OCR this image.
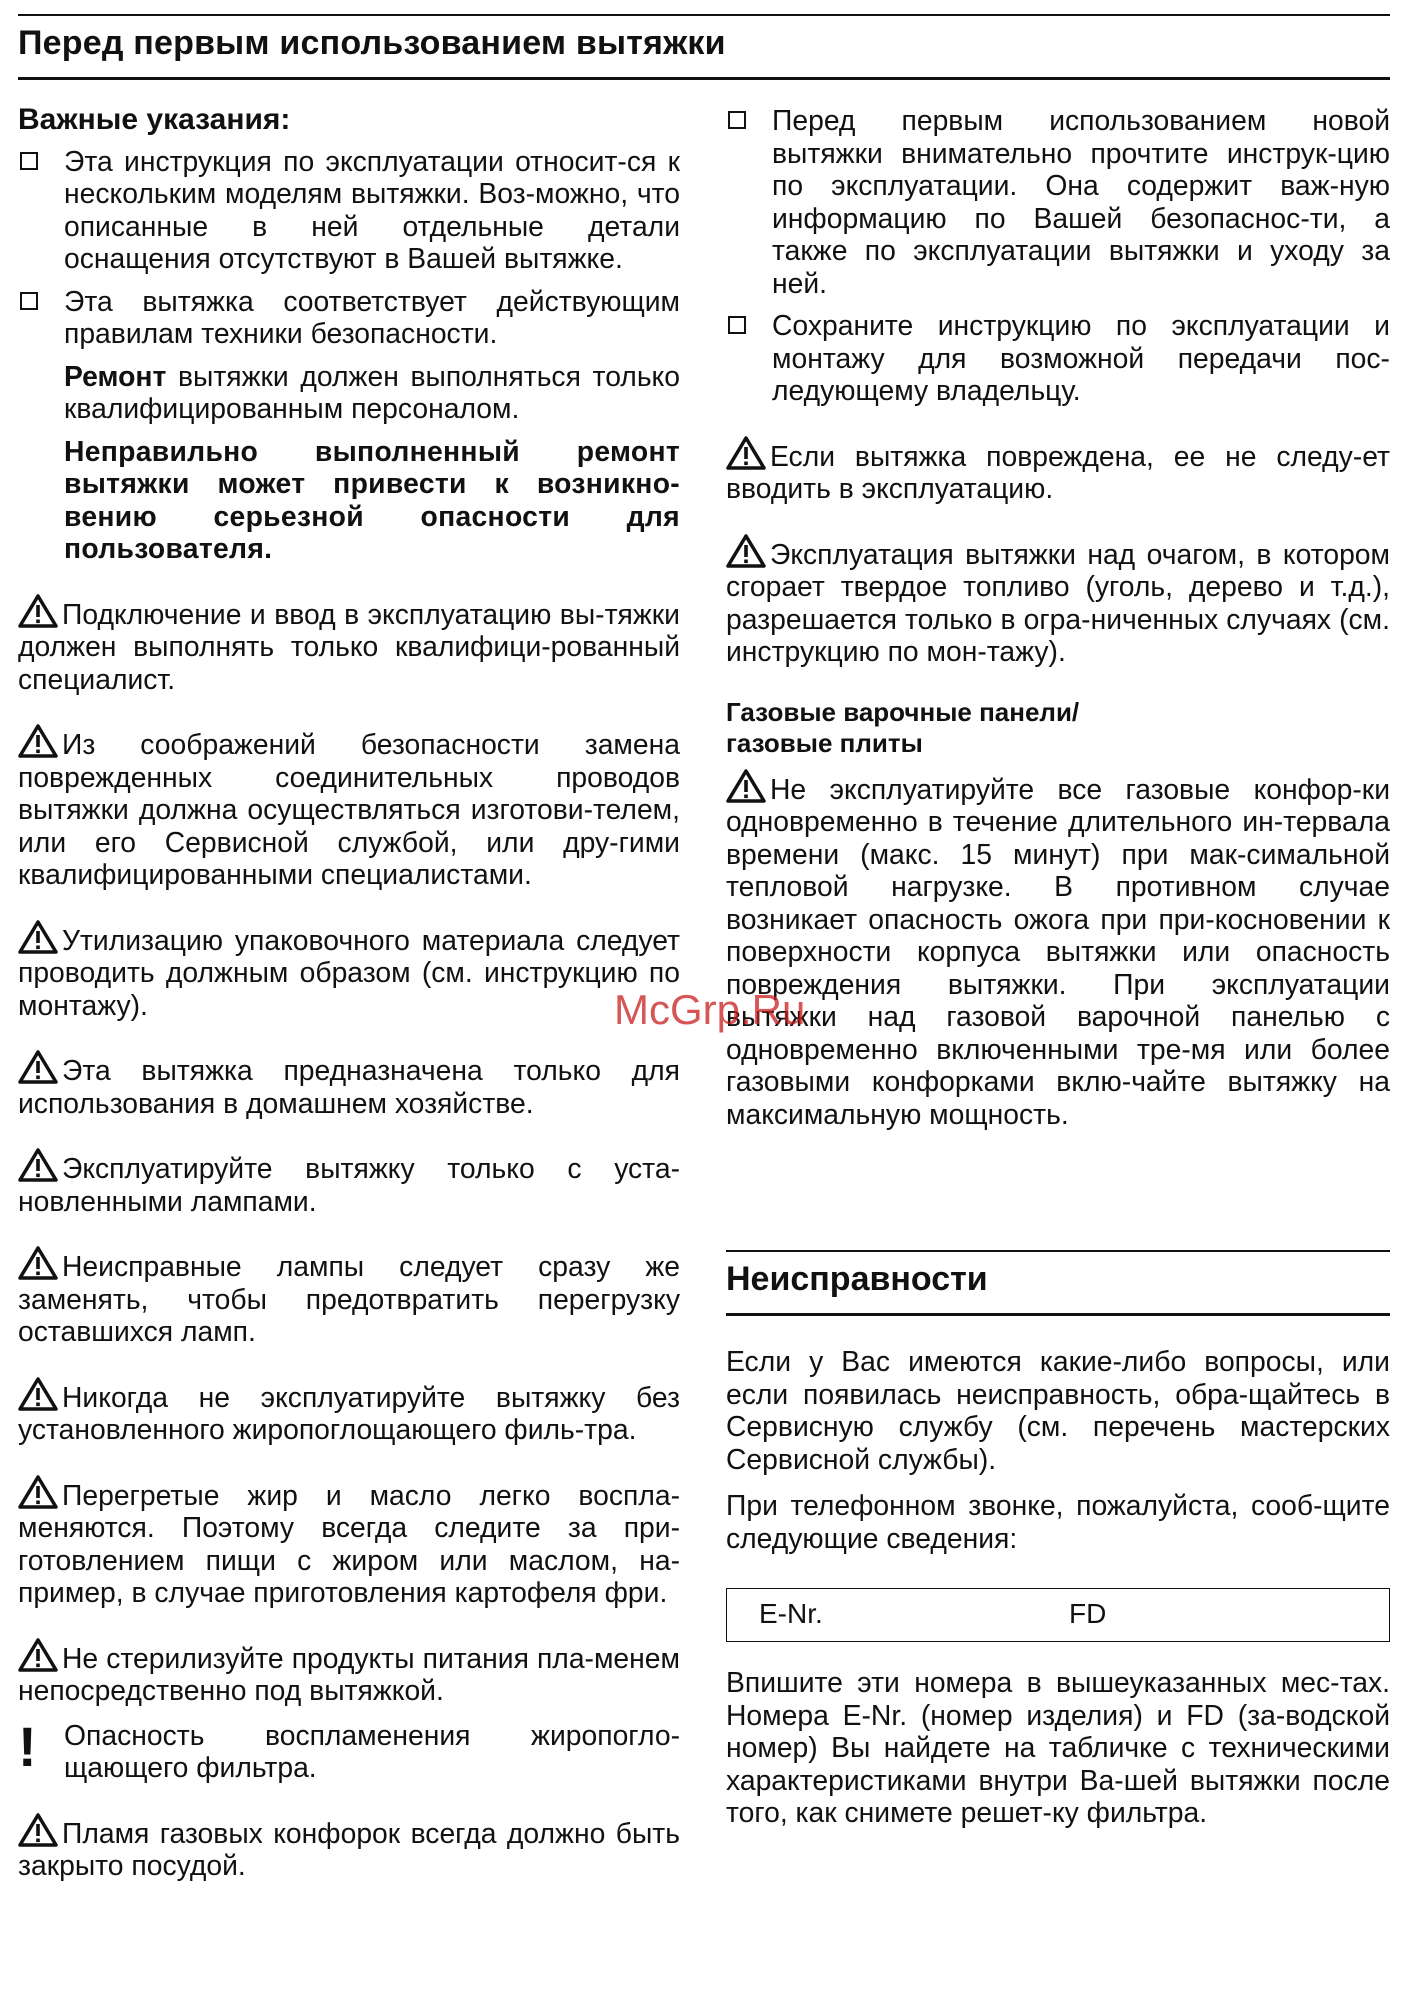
Перед первым использованием вытяжки
Важные указания:

Эта инструкция по эксплуатации относит-ся к нескольким моделям вытяжки. Воз-можно, что описанные в ней отдельные детали оснащения отсутствуют в Вашей вытяжке.

Эта вытяжка соответствует действующим правилам техники безопасности.

Ремонт вытяжки должен выполняться только квалифицированным персоналом.

Неправильно выполненный ремонт вытяжки может привести к возникно-вению серьезной опасности для пользователя.

Подключение и ввод в эксплуатацию вы-тяжки должен выполнять только квалифици-рованный специалист.

Из соображений безопасности замена поврежденных соединительных проводов вытяжки должна осуществляться изготови-телем, или его Сервисной службой, или дру-гими квалифицированными специалистами.

Утилизацию упаковочного материала следует проводить должным образом (см. инструкцию по монтажу).

Эта вытяжка предназначена только для использования в домашнем хозяйстве.

Эксплуатируйте вытяжку только с уста-новленными лампами.

Неисправные лампы следует сразу же заменять, чтобы предотвратить перегрузку оставшихся ламп.

Никогда не эксплуатируйте вытяжку без установленного жиропоглощающего филь-тра.

Перегретые жир и масло легко воспла-меняются. Поэтому всегда следите за при-готовлением пищи с жиром или маслом, на-пример, в случае приготовления картофеля фри.

Не стерилизуйте продукты питания пла-менем непосредственно под вытяжкой.

! Опасность воспламенения жиропогло-щающего фильтра.

Пламя газовых конфорок всегда должно быть закрыто посудой.

Перед первым использованием новой вытяжки внимательно прочтите инструк-цию по эксплуатации. Она содержит важ-ную информацию по Вашей безопаснос-ти, а также по эксплуатации вытяжки и уходу за ней.

Сохраните инструкцию по эксплуатации и монтажу для возможной передачи пос-ледующему владельцу.

Если вытяжка повреждена, ее не следу-ет вводить в эксплуатацию.

Эксплуатация вытяжки над очагом, в котором сгорает твердое топливо (уголь, дерево и т.д.), разрешается только в огра-ниченных случаях (см. инструкцию по мон-тажу).

Газовые варочные панели/
газовые плиты

Не эксплуатируйте все газовые конфор-ки одновременно в течение длительного ин-тервала времени (макс. 15 минут) при мак-симальной тепловой нагрузке. В противном случае возникает опасность ожога при при-косновении к поверхности корпуса вытяжки или опасность повреждения вытяжки. При эксплуатации вытяжки над газовой варочной панелью с одновременно включенными тре-мя или более газовыми конфорками вклю-чайте вытяжку на максимальную мощность.

Неисправности

Если у Вас имеются какие-либо вопросы, или если появилась неисправность, обра-щайтесь в Сервисную службу (см. перечень мастерских Сервисной службы).

При телефонном звонке, пожалуйста, сооб-щите следующие сведения:

E-Nr.	FD

Впишите эти номера в вышеуказанных мес-тах. Номера E-Nr. (номер изделия) и FD (за-водской номер) Вы найдете на табличке с техническими характеристиками внутри Ва-шей вытяжки после того, как снимете решет-ку фильтра.

McGrp.Ru
